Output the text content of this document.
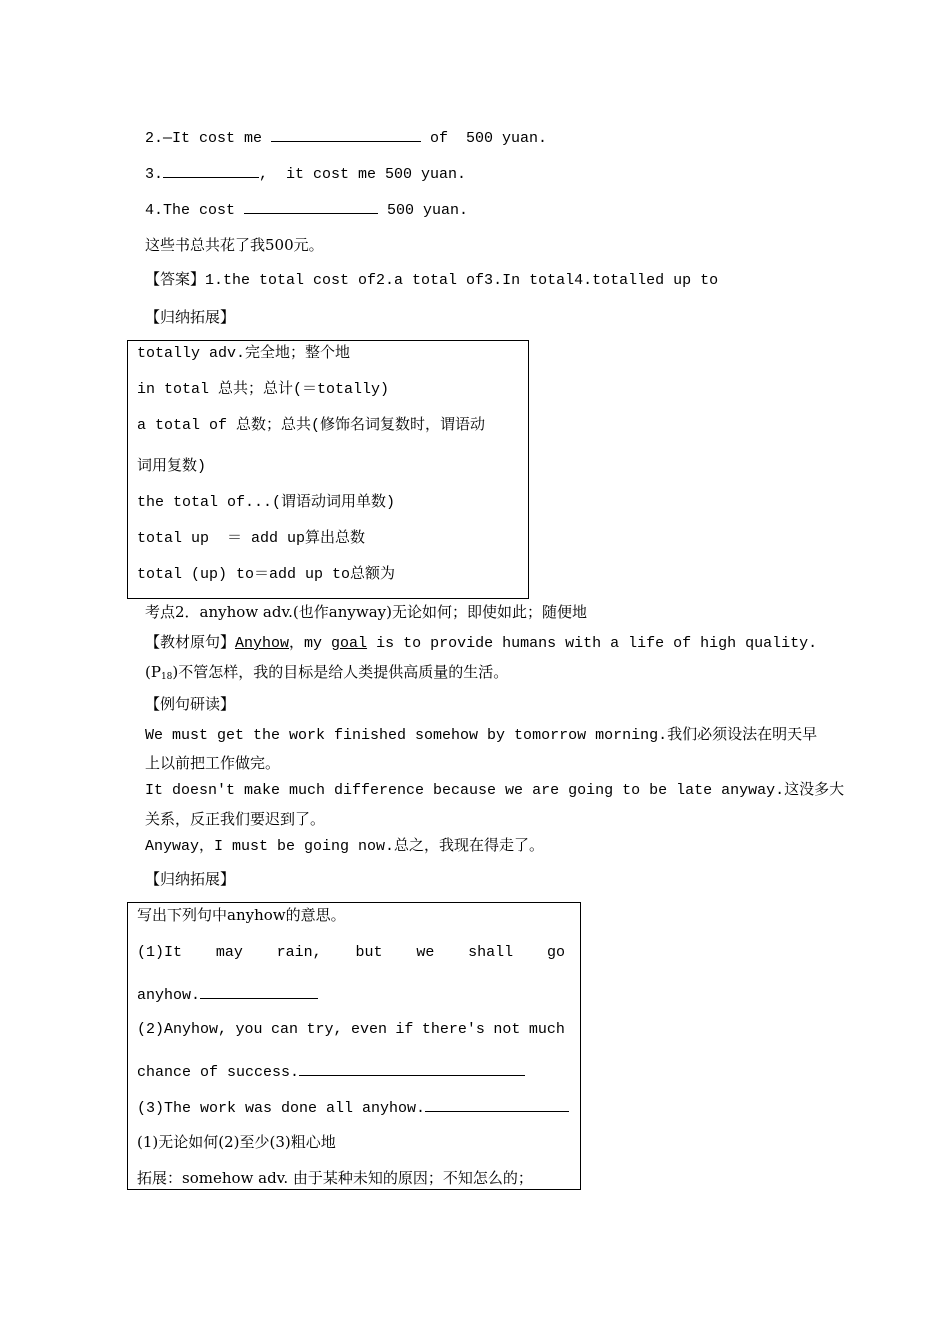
2.—It cost me	of  500 yuan.
3.	,  it cost me 500 yuan.
4.The cost	500 yuan.
这些书总共花了我500元。
【答案】1.the total cost of2.a total of3.In total4.totalled up to
【归纳拓展】
totally adv.完全地；整个地
in total 总共；总计(＝totally)
a total of 总数；总共(修饰名词复数时，谓语动
词用复数)
the total of...(谓语动词用单数)
total up  ＝ add up算出总数
total (up) to＝add up to总额为
考点2．anyhow adv.(也作anyway)无论如何；即使如此；随便地
【教材原句】Anyhow，my goal is to provide humans with a life of high quality.
$(P_{18})$不管怎样，我的目标是给人类提供高质量的生活。
【例句研读】
We must get the work finished somehow by tomorrow morning.我们必须设法在明天早
上以前把工作做完。
It doesn't make much difference because we are going to be late anyway.这没多大
关系，反正我们要迟到了。
Anyway，I must be going now.总之，我现在得走了。
【归纳拓展】
写出下列句中anyhow的意思。
(1)It may rain, but we shall go
anyhow.
(2)Anyhow, you can try, even if there's not much
chance of success.
(3)The work was done all anyhow.
(1)无论如何(2)至少(3)粗心地
拓展：somehow adv. 由于某种未知的原因；不知怎么的；
